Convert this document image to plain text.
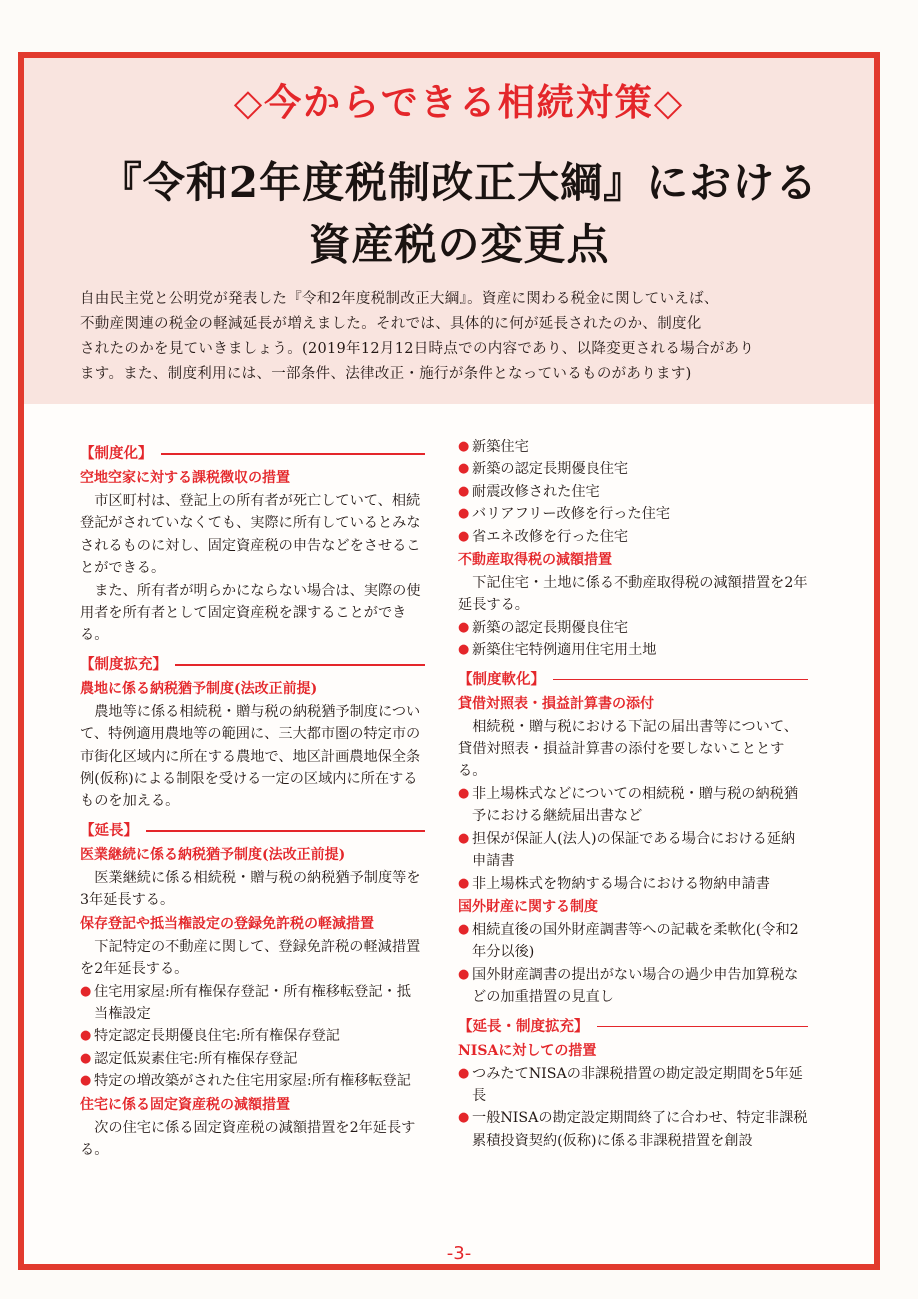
◇今からできる相続対策◇
『令和2年度税制改正大綱』における
資産税の変更点
自由民主党と公明党が発表した『令和2年度税制改正大綱』。資産に関わる税金に関していえば、
不動産関連の税金の軽減延長が増えました。それでは、具体的に何が延長されたのか、制度化
されたのかを見ていきましょう。(2019年12月12日時点での内容であり、以降変更される場合があり
ます。また、制度利用には、一部条件、法律改正・施行が条件となっているものがあります)
【制度化】
空地空家に対する課税徴収の措置
市区町村は、登記上の所有者が死亡していて、相続登記がされていなくても、実際に所有しているとみなされるものに対し、固定資産税の申告などをさせることができる。
また、所有者が明らかにならない場合は、実際の使用者を所有者として固定資産税を課することができる。
【制度拡充】
農地に係る納税猶予制度(法改正前提)
農地等に係る相続税・贈与税の納税猶予制度について、特例適用農地等の範囲に、三大都市圏の特定市の市街化区域内に所在する農地で、地区計画農地保全条例(仮称)による制限を受ける一定の区域内に所在するものを加える。
【延長】
医業継続に係る納税猶予制度(法改正前提)
医業継続に係る相続税・贈与税の納税猶予制度等を3年延長する。
保存登記や抵当権設定の登録免許税の軽減措置
下記特定の不動産に関して、登録免許税の軽減措置を2年延長する。
● 住宅用家屋:所有権保存登記・所有権移転登記・抵当権設定
● 特定認定長期優良住宅:所有権保存登記
● 認定低炭素住宅:所有権保存登記
● 特定の増改築がされた住宅用家屋:所有権移転登記
住宅に係る固定資産税の減額措置
次の住宅に係る固定資産税の減額措置を2年延長する。
● 新築住宅
● 新築の認定長期優良住宅
● 耐震改修された住宅
● バリアフリー改修を行った住宅
● 省エネ改修を行った住宅
不動産取得税の減額措置
下記住宅・土地に係る不動産取得税の減額措置を2年延長する。
● 新築の認定長期優良住宅
● 新築住宅特例適用住宅用土地
【制度軟化】
貸借対照表・損益計算書の添付
相続税・贈与税における下記の届出書等について、貸借対照表・損益計算書の添付を要しないこととする。
● 非上場株式などについての相続税・贈与税の納税猶予における継続届出書など
● 担保が保証人(法人)の保証である場合における延納申請書
● 非上場株式を物納する場合における物納申請書
国外財産に関する制度
● 相続直後の国外財産調書等への記載を柔軟化(令和2年分以後)
● 国外財産調書の提出がない場合の過少申告加算税などの加重措置の見直し
【延長・制度拡充】
NISAに対しての措置
● つみたてNISAの非課税措置の勘定設定期間を5年延長
● 一般NISAの勘定設定期間終了に合わせ、特定非課税累積投資契約(仮称)に係る非課税措置を創設
-3-
